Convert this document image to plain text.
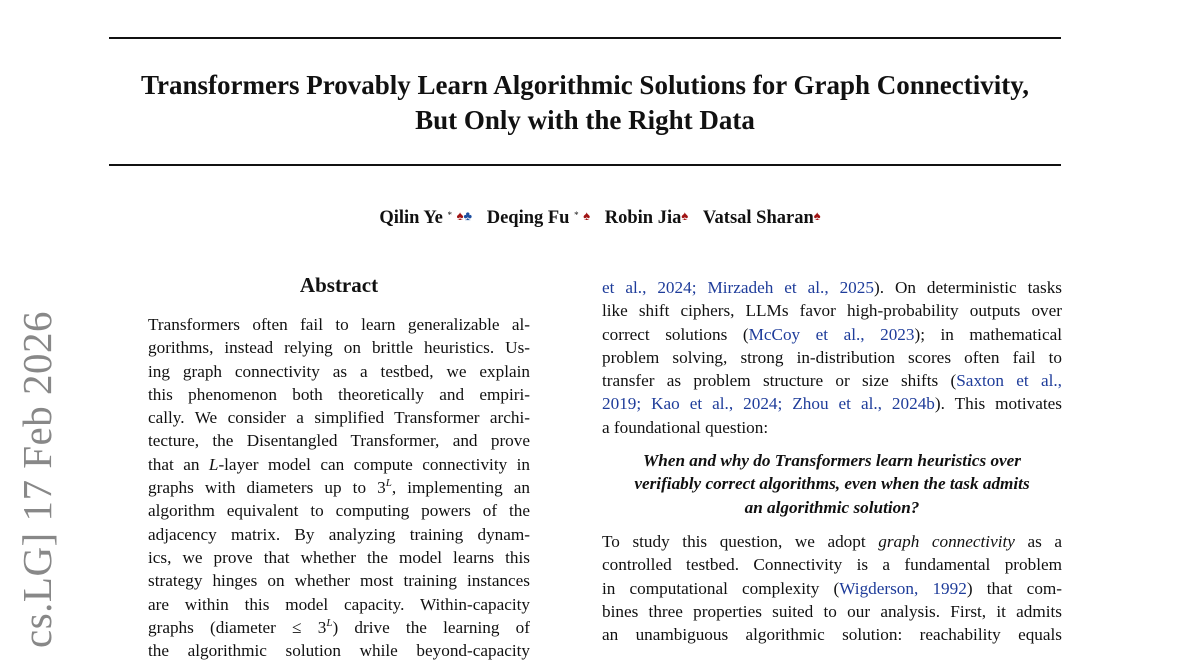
Transformers Provably Learn Algorithmic Solutions for Graph Connectivity,
But Only with the Right Data
Qilin Ye * ♠♣ Deqing Fu * ♠ Robin Jia♠ Vatsal Sharan♠
cs.LG] 17 Feb 2026
Abstract
Transformers often fail to learn generalizable al-
gorithms, instead relying on brittle heuristics. Us-
ing graph connectivity as a testbed, we explain
this phenomenon both theoretically and empiri-
cally. We consider a simplified Transformer archi-
tecture, the Disentangled Transformer, and prove
that an L-layer model can compute connectivity in
graphs with diameters up to $3^L$, implementing an
algorithm equivalent to computing powers of the
adjacency matrix. By analyzing training dynam-
ics, we prove that whether the model learns this
strategy hinges on whether most training instances
are within this model capacity. Within-capacity
graphs (diameter ≤ $3^L$) drive the learning of
the algorithmic solution while beyond-capacity
et al., 2024; Mirzadeh et al., 2025). On deterministic tasks
like shift ciphers, LLMs favor high-probability outputs over
correct solutions (McCoy et al., 2023); in mathematical
problem solving, strong in-distribution scores often fail to
transfer as problem structure or size shifts (Saxton et al.,
2019; Kao et al., 2024; Zhou et al., 2024b). This motivates
a foundational question:
When and why do Transformers learn heuristics over
verifiably correct algorithms, even when the task admits
an algorithmic solution?
To study this question, we adopt graph connectivity as a
controlled testbed. Connectivity is a fundamental problem
in computational complexity (Wigderson, 1992) that com-
bines three properties suited to our analysis. First, it admits
an unambiguous algorithmic solution: reachability equals
